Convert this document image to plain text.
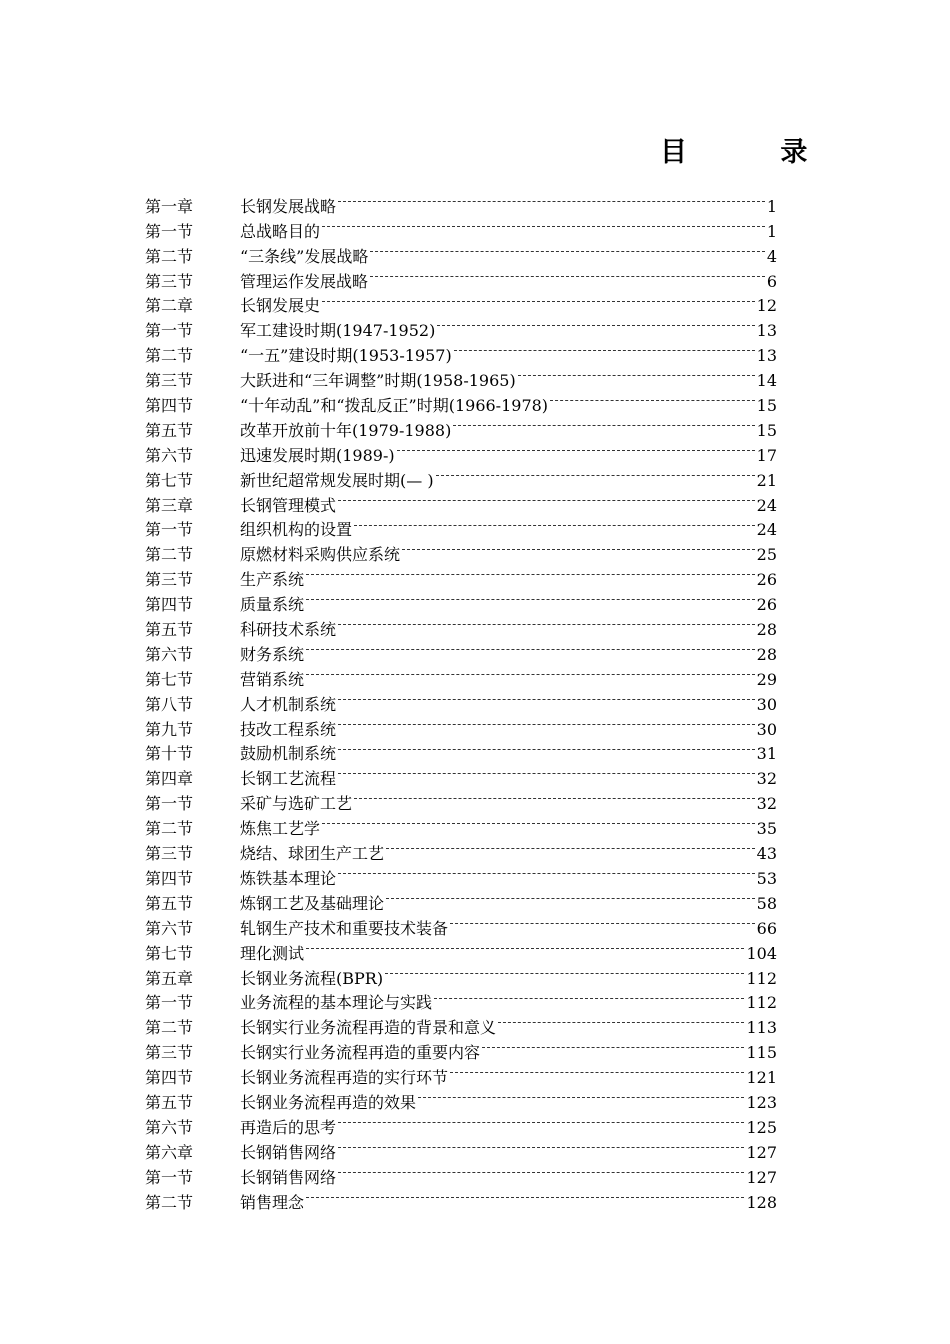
目 录
第一章	长钢发展战略	1
第一节	总战略目的	1
第二节	“三条线”发展战略	4
第三节	管理运作发展战略	6
第二章	长钢发展史	12
第一节	军工建设时期(1947-1952)	13
第二节	“一五”建设时期(1953-1957)	13
第三节	大跃进和“三年调整”时期(1958-1965)	14
第四节	“十年动乱”和“拨乱反正”时期(1966-1978)	15
第五节	改革开放前十年(1979-1988)	15
第六节	迅速发展时期(1989-)	17
第七节	新世纪超常规发展时期(— )	21
第三章	长钢管理模式	24
第一节	组织机构的设置	24
第二节	原燃材料采购供应系统	25
第三节	生产系统	26
第四节	质量系统	26
第五节	科研技术系统	28
第六节	财务系统	28
第七节	营销系统	29
第八节	人才机制系统	30
第九节	技改工程系统	30
第十节	鼓励机制系统	31
第四章	长钢工艺流程	32
第一节	采矿与选矿工艺	32
第二节	炼焦工艺学	35
第三节	烧结、球团生产工艺	43
第四节	炼铁基本理论	53
第五节	炼钢工艺及基础理论	58
第六节	轧钢生产技术和重要技术装备	66
第七节	理化测试	104
第五章	长钢业务流程(BPR)	112
第一节	业务流程的基本理论与实践	112
第二节	长钢实行业务流程再造的背景和意义	113
第三节	长钢实行业务流程再造的重要内容	115
第四节	长钢业务流程再造的实行环节	121
第五节	长钢业务流程再造的效果	123
第六节	再造后的思考	125
第六章	长钢销售网络	127
第一节	长钢销售网络	127
第二节	销售理念	128
